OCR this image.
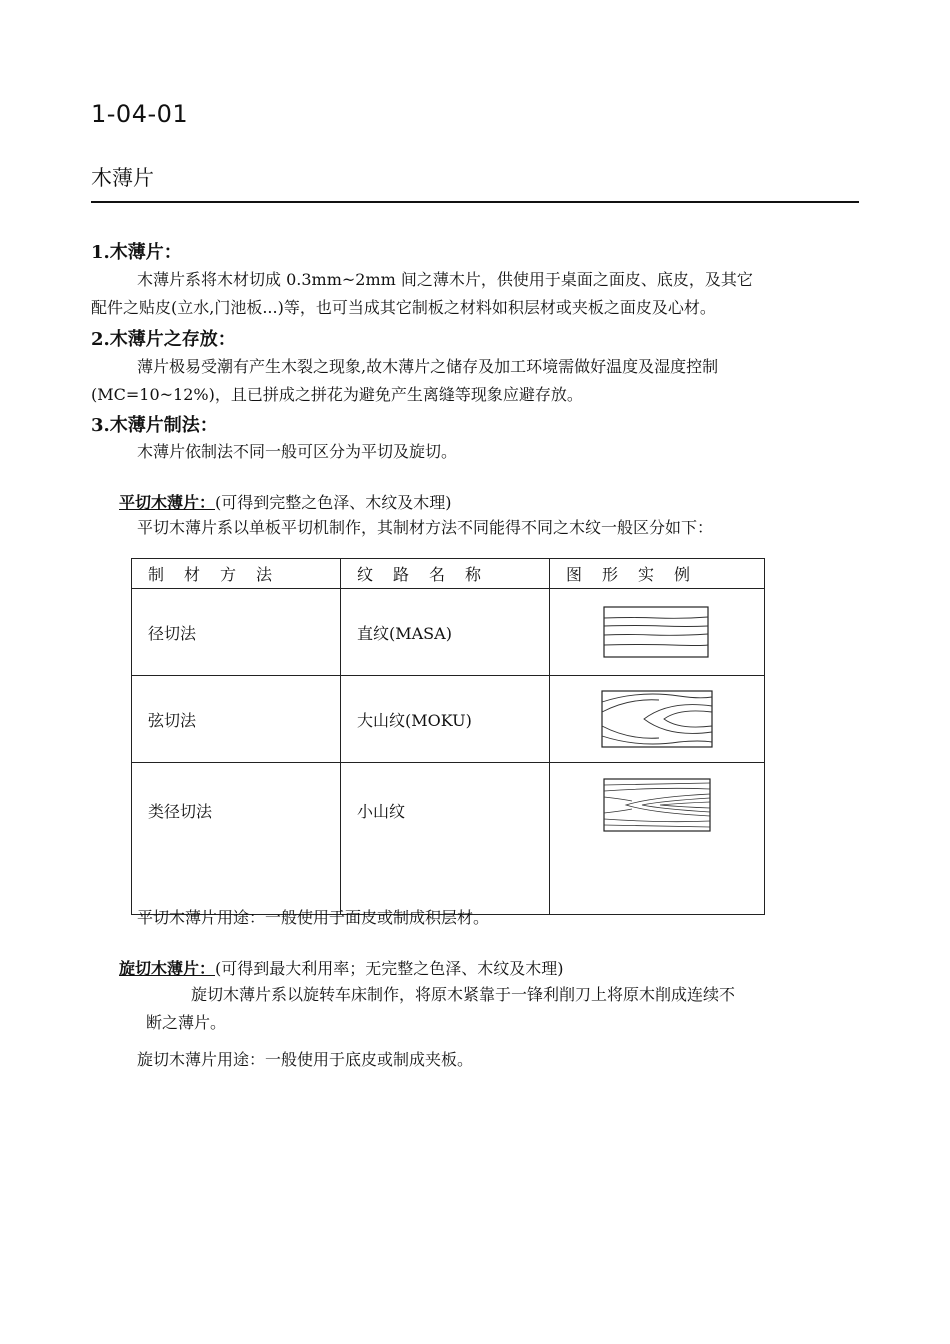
1-04-01
木薄片
1.木薄片：
木薄片系将木材切成 0.3mm~2mm 间之薄木片，供使用于桌面之面皮、底皮，及其它
配件之贴皮(立水,门池板...)等，也可当成其它制板之材料如积层材或夹板之面皮及心材。
2.木薄片之存放：
薄片极易受潮有产生木裂之现象,故木薄片之储存及加工环境需做好温度及湿度控制
(MC=10~12%)，且已拼成之拼花为避免产生离缝等现象应避存放。
3.木薄片制法：
木薄片依制法不同一般可区分为平切及旋切。
平切木薄片：(可得到完整之色泽、木纹及木理)
平切木薄片系以单板平切机制作，其制材方法不同能得不同之木纹一般区分如下：
制材方法	纹路名称	图形实例
径切法	直纹(MASA)	

弦切法	大山纹(MOKU)	

类径切法	小山纹	
平切木薄片用途：一般使用于面皮或制成积层材。
旋切木薄片：(可得到最大利用率；无完整之色泽、木纹及木理)
旋切木薄片系以旋转车床制作，将原木紧靠于一锋利削刀上将原木削成连续不
断之薄片。
旋切木薄片用途：一般使用于底皮或制成夹板。
